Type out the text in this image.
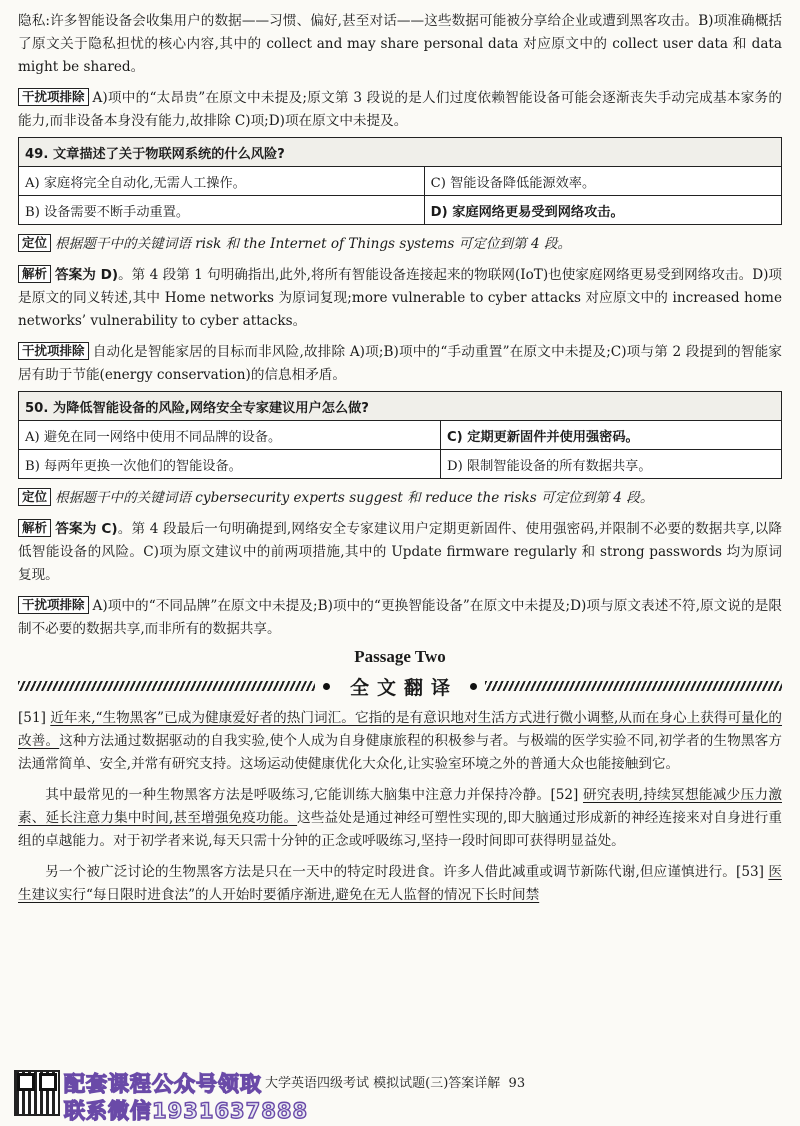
隐私:许多智能设备会收集用户的数据——习惯、偏好,甚至对话——这些数据可能被分享给企业或遭到黑客攻击。B)项准确概括了原文关于隐私担忧的核心内容,其中的 collect and may share personal data 对应原文中的 collect user data 和 data might be shared。

干扰项排除 A)项中的“太昂贵”在原文中未提及;原文第 3 段说的是人们过度依赖智能设备可能会逐渐丧失手动完成基本家务的能力,而非设备本身没有能力,故排除 C)项;D)项在原文中未提及。

49. 文章描述了关于物联网系统的什么风险?	
A) 家庭将完全自动化,无需人工操作。	C) 智能设备降低能源效率。
B) 设备需要不断手动重置。	D) 家庭网络更易受到网络攻击。

定位 根据题干中的关键词语 risk 和 the Internet of Things systems 可定位到第 4 段。

解析 答案为 D)。第 4 段第 1 句明确指出,此外,将所有智能设备连接起来的物联网(IoT)也使家庭网络更易受到网络攻击。D)项是原文的同义转述,其中 Home networks 为原词复现;more vulnerable to cyber attacks 对应原文中的 increased home networks’ vulnerability to cyber attacks。

干扰项排除 自动化是智能家居的目标而非风险,故排除 A)项;B)项中的“手动重置”在原文中未提及;C)项与第 2 段提到的智能家居有助于节能(energy conservation)的信息相矛盾。

50. 为降低智能设备的风险,网络安全专家建议用户怎么做?	
A) 避免在同一网络中使用不同品牌的设备。	C) 定期更新固件并使用强密码。
B) 每两年更换一次他们的智能设备。	D) 限制智能设备的所有数据共享。

定位 根据题干中的关键词语 cybersecurity experts suggest 和 reduce the risks 可定位到第 4 段。

解析 答案为 C)。第 4 段最后一句明确提到,网络安全专家建议用户定期更新固件、使用强密码,并限制不必要的数据共享,以降低智能设备的风险。C)项为原文建议中的前两项措施,其中的 Update firmware regularly 和 strong passwords 均为原词复现。

干扰项排除 A)项中的“不同品牌”在原文中未提及;B)项中的“更换智能设备”在原文中未提及;D)项与原文表述不符,原文说的是限制不必要的数据共享,而非所有的数据共享。

Passage Two
全文翻译

[51] 近年来,“生物黑客”已成为健康爱好者的热门词汇。它指的是有意识地对生活方式进行微小调整,从而在身心上获得可量化的改善。这种方法通过数据驱动的自我实验,使个人成为自身健康旅程的积极参与者。与极端的医学实验不同,初学者的生物黑客方法通常简单、安全,并常有研究支持。这场运动使健康优化大众化,让实验室环境之外的普通大众也能接触到它。

其中最常见的一种生物黑客方法是呼吸练习,它能训练大脑集中注意力并保持冷静。[52] 研究表明,持续冥想能减少压力激素、延长注意力集中时间,甚至增强免疫功能。这些益处是通过神经可塑性实现的,即大脑通过形成新的神经连接来对自身进行重组的卓越能力。对于初学者来说,每天只需十分钟的正念或呼吸练习,坚持一段时间即可获得明显益处。

另一个被广泛讨论的生物黑客方法是只在一天中的特定时段进食。许多人借此减重或调节新陈代谢,但应谨慎进行。[53] 医生建议实行“每日限时进食法”的人开始时要循序渐进,避免在无人监督的情况下长时间禁

配套课程公众号领取
联系微信1931637888
大学英语四级考试 模拟试题(三)答案详解 93
